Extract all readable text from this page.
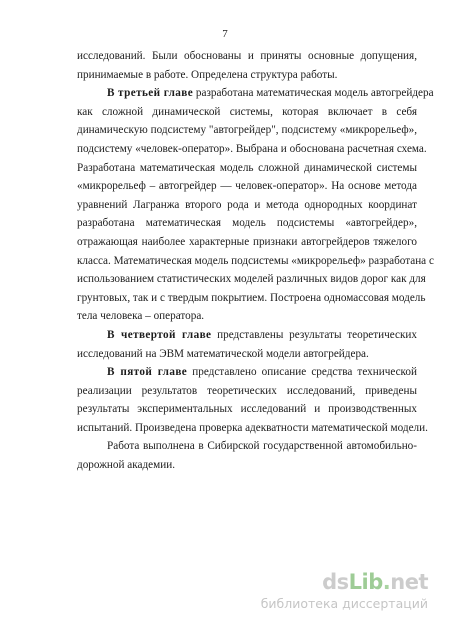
7
исследований. Были обоснованы и приняты основные допущения,
принимаемые в работе. Определена структура работы.
В третьей главе разработана математическая модель автогрейдера
как сложной динамической системы, которая включает в себя
динамическую подсистему "автогрейдер", подсистему «микрорельеф»,
подсистему «человек-оператор». Выбрана и обоснована расчетная схема.
Разработана математическая модель сложной динамической системы
«микрорельеф – автогрейдер — человек-оператор». На основе метода
уравнений Лагранжа второго рода и метода однородных координат
разработана математическая модель подсистемы «автогрейдер»,
отражающая наиболее характерные признаки автогрейдеров тяжелого
класса. Математическая модель подсистемы «микрорельеф» разработана с
использованием статистических моделей различных видов дорог как для
грунтовых, так и с твердым покрытием. Построена одномассовая модель
тела человека – оператора.
В четвертой главе представлены результаты теоретических
исследований на ЭВМ математической модели автогрейдера.
В пятой главе представлено описание средства технической
реализации результатов теоретических исследований, приведены
результаты экспериментальных исследований и производственных
испытаний. Произведена проверка адекватности математической модели.
Работа выполнена в Сибирской государственной автомобильно-
дорожной академии.
dsLib.net
библиотека диссертаций
